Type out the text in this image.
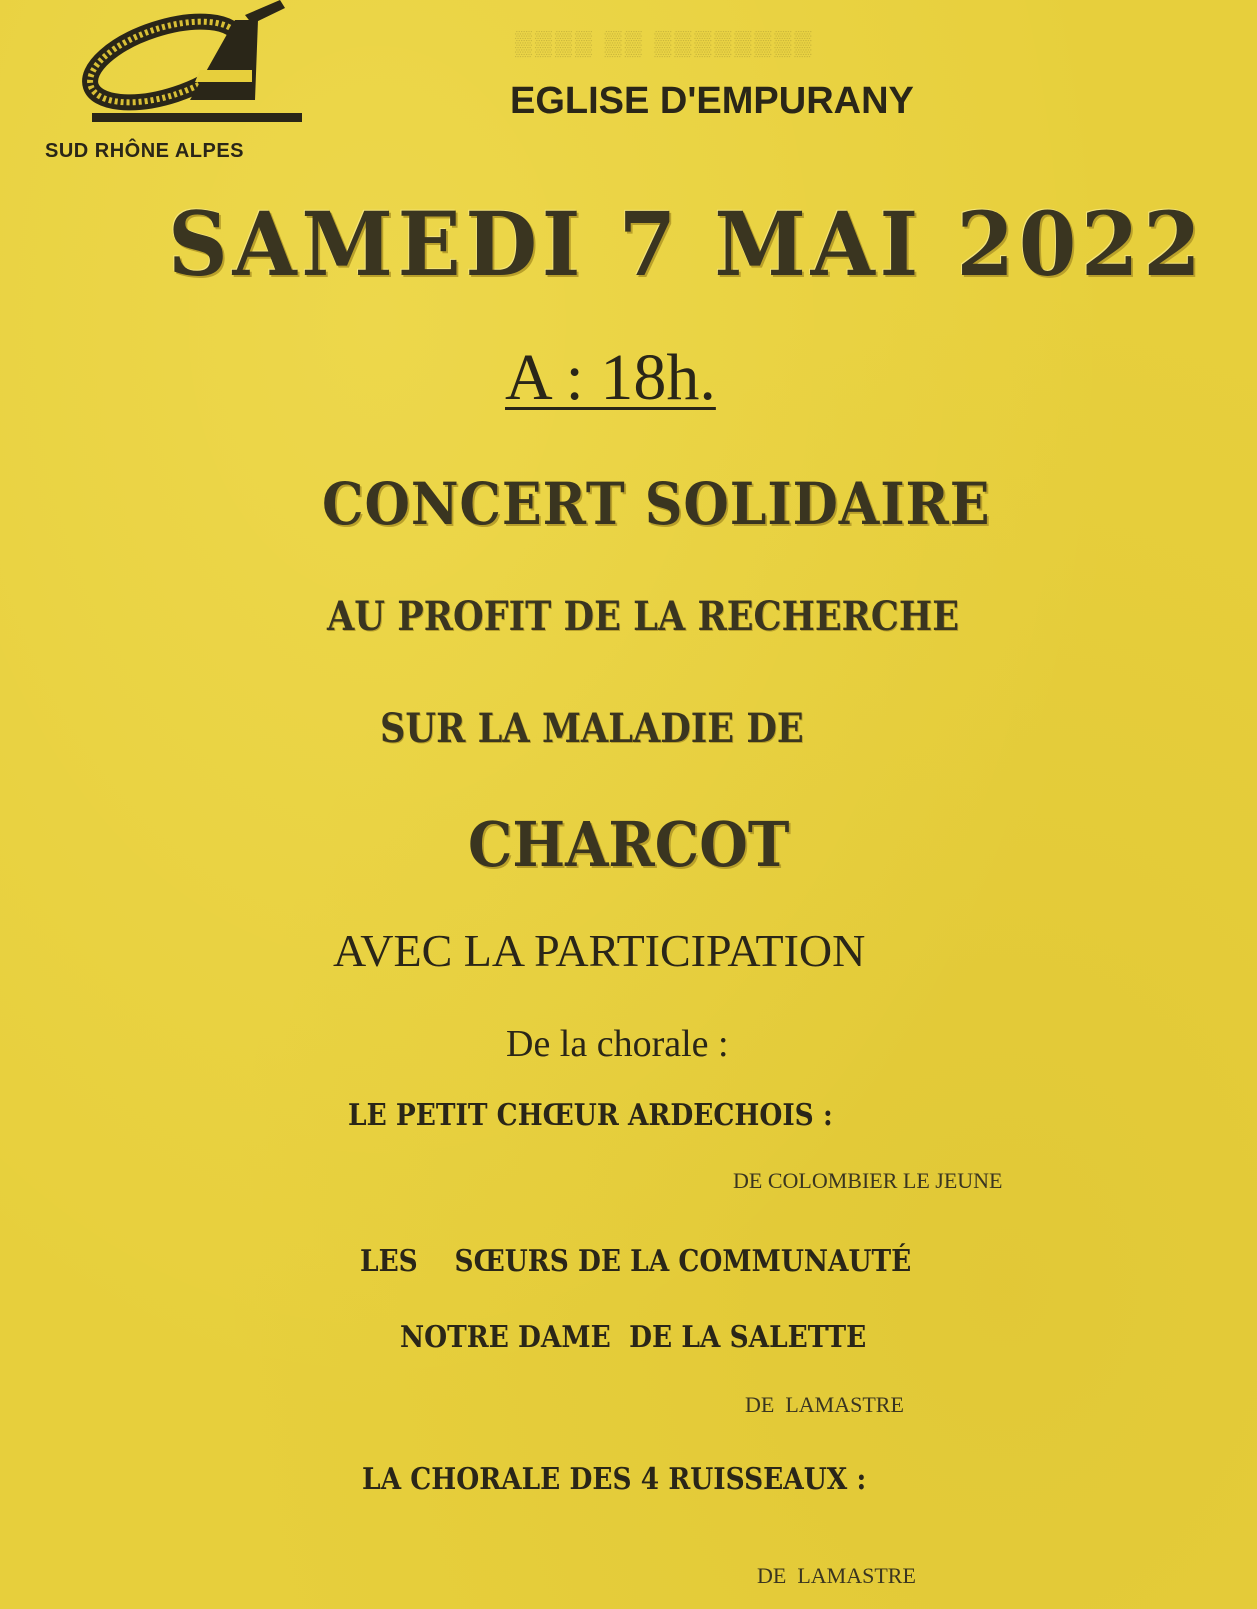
SUD RHÔNE ALPES
▒▒▒▒ ▒▒ ▒▒▒▒▒▒▒▒
EGLISE D'EMPURANY
SAMEDI 7 MAI 2022
A : 18h.
CONCERT SOLIDAIRE
AU PROFIT DE LA RECHERCHE
SUR LA MALADIE DE
CHARCOT
AVEC LA PARTICIPATION
De la chorale :
LE PETIT CHŒUR ARDECHOIS :
DE COLOMBIER LE JEUNE
LES    SŒURS DE LA COMMUNAUTÉ
NOTRE DAME  DE LA SALETTE
DE  LAMASTRE
LA CHORALE DES 4 RUISSEAUX :
DE  LAMASTRE
